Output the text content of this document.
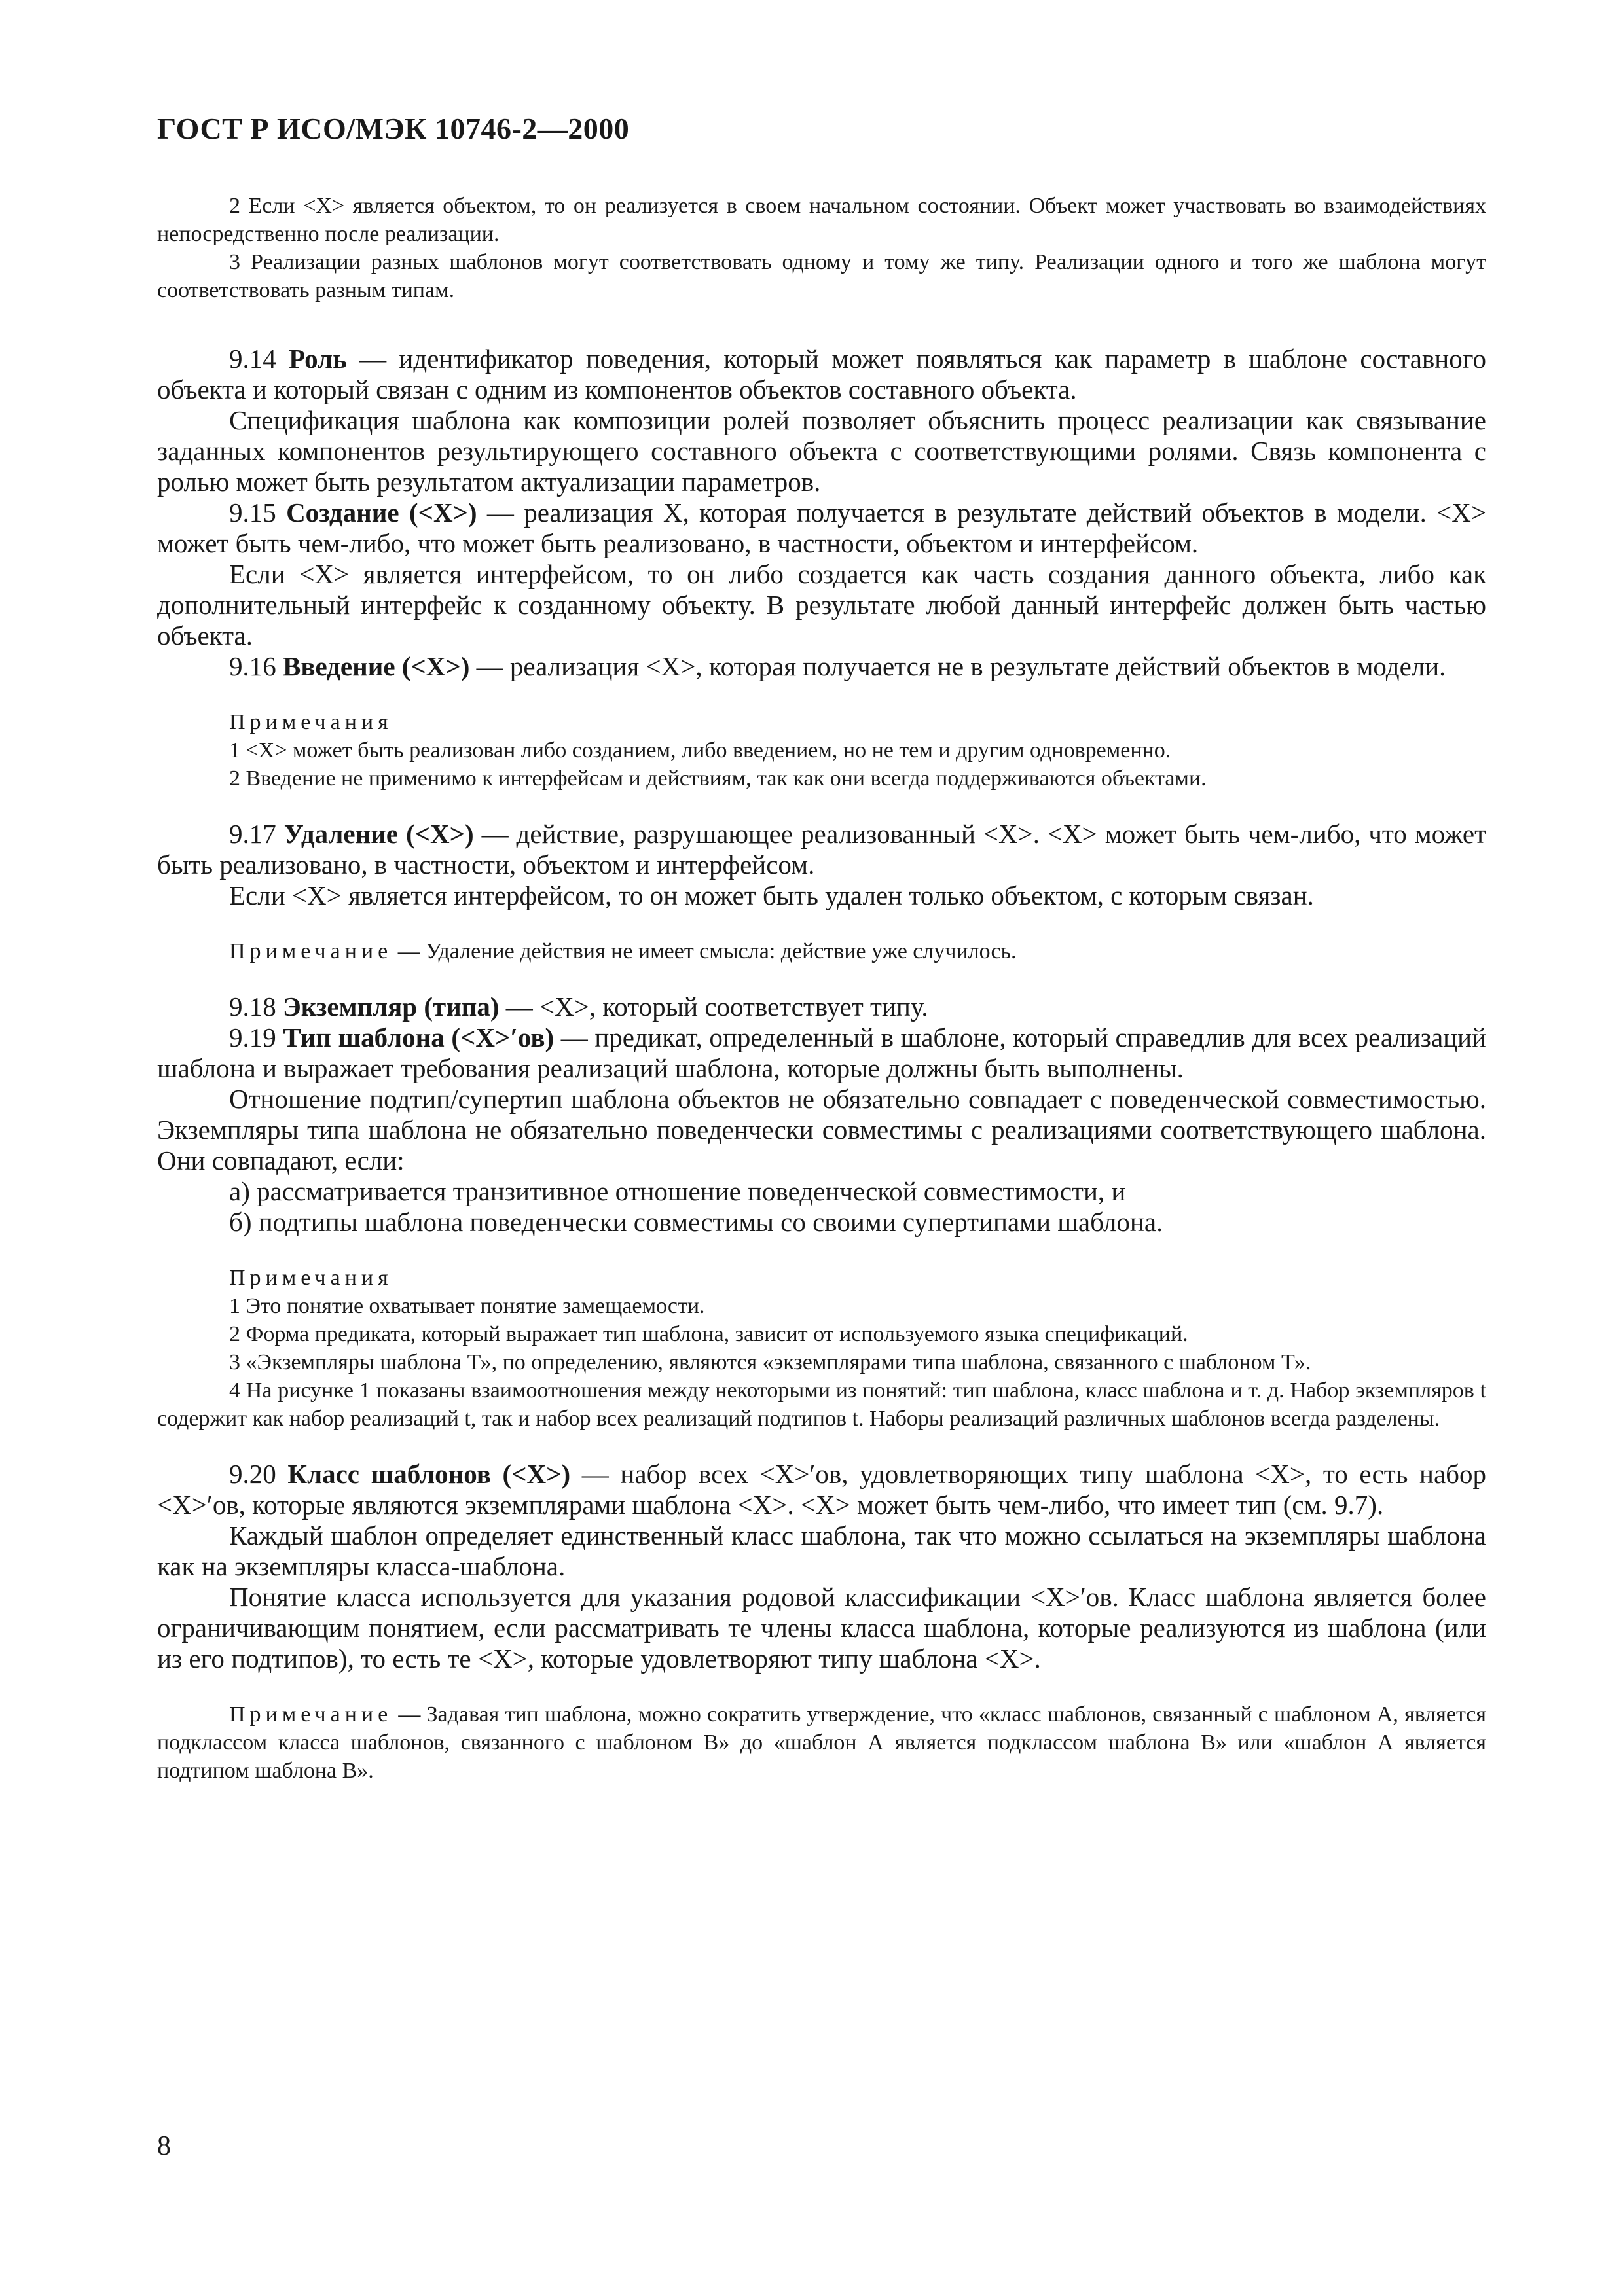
ГОСТ Р ИСО/МЭК 10746-2—2000

2 Если <X> является объектом, то он реализуется в своем начальном состоянии. Объект может участвовать во взаимодействиях непосредственно после реализации.

3 Реализации разных шаблонов могут соответствовать одному и тому же типу. Реализации одного и того же шаблона могут соответствовать разным типам.

9.14 Роль — идентификатор поведения, который может появляться как параметр в шаблоне составного объекта и который связан с одним из компонентов объектов составного объекта.

Спецификация шаблона как композиции ролей позволяет объяснить процесс реализации как связывание заданных компонентов результирующего составного объекта с соответствующими ролями. Связь компонента с ролью может быть результатом актуализации параметров.

9.15 Создание (<X>) — реализация X, которая получается в результате действий объектов в модели. <X> может быть чем-либо, что может быть реализовано, в частности, объектом и интерфейсом.

Если <X> является интерфейсом, то он либо создается как часть создания данного объекта, либо как дополнительный интерфейс к созданному объекту. В результате любой данный интерфейс должен быть частью объекта.

9.16 Введение (<X>) — реализация <X>, которая получается не в результате действий объектов в модели.

Примечания

1 <X> может быть реализован либо созданием, либо введением, но не тем и другим одновременно.

2 Введение не применимо к интерфейсам и действиям, так как они всегда поддерживаются объектами.

9.17 Удаление (<X>) — действие, разрушающее реализованный <X>. <X> может быть чем-либо, что может быть реализовано, в частности, объектом и интерфейсом.

Если <X> является интерфейсом, то он может быть удален только объектом, с которым связан.

Примечание — Удаление действия не имеет смысла: действие уже случилось.

9.18 Экземпляр (типа) — <X>, который соответствует типу.

9.19 Тип шаблона (<X>′ов) — предикат, определенный в шаблоне, который справедлив для всех реализаций шаблона и выражает требования реализаций шаблона, которые должны быть выполнены.

Отношение подтип/супертип шаблона объектов не обязательно совпадает с поведенческой совместимостью. Экземпляры типа шаблона не обязательно поведенчески совместимы с реализациями соответствующего шаблона. Они совпадают, если:

а) рассматривается транзитивное отношение поведенческой совместимости, и

б) подтипы шаблона поведенчески совместимы со своими супертипами шаблона.

Примечания

1 Это понятие охватывает понятие замещаемости.

2 Форма предиката, который выражает тип шаблона, зависит от используемого языка спецификаций.

3 «Экземпляры шаблона Т», по определению, являются «экземплярами типа шаблона, связанного с шаблоном Т».

4 На рисунке 1 показаны взаимоотношения между некоторыми из понятий: тип шаблона, класс шаблона и т. д. Набор экземпляров t содержит как набор реализаций t, так и набор всех реализаций подтипов t. Наборы реализаций различных шаблонов всегда разделены.

9.20 Класс шаблонов (<X>) — набор всех <X>′ов, удовлетворяющих типу шаблона <X>, то есть набор <X>′ов, которые являются экземплярами шаблона <X>. <X> может быть чем-либо, что имеет тип (см. 9.7).

Каждый шаблон определяет единственный класс шаблона, так что можно ссылаться на экземпляры шаблона как на экземпляры класса-шаблона.

Понятие класса используется для указания родовой классификации <X>′ов. Класс шаблона является более ограничивающим понятием, если рассматривать те члены класса шаблона, которые реализуются из шаблона (или из его подтипов), то есть те <X>, которые удовлетворяют типу шаблона <X>.

Примечание — Задавая тип шаблона, можно сократить утверждение, что «класс шаблонов, связанный с шаблоном А, является подклассом класса шаблонов, связанного с шаблоном В» до «шаблон А является подклассом шаблона В» или «шаблон А является подтипом шаблона В».

8
